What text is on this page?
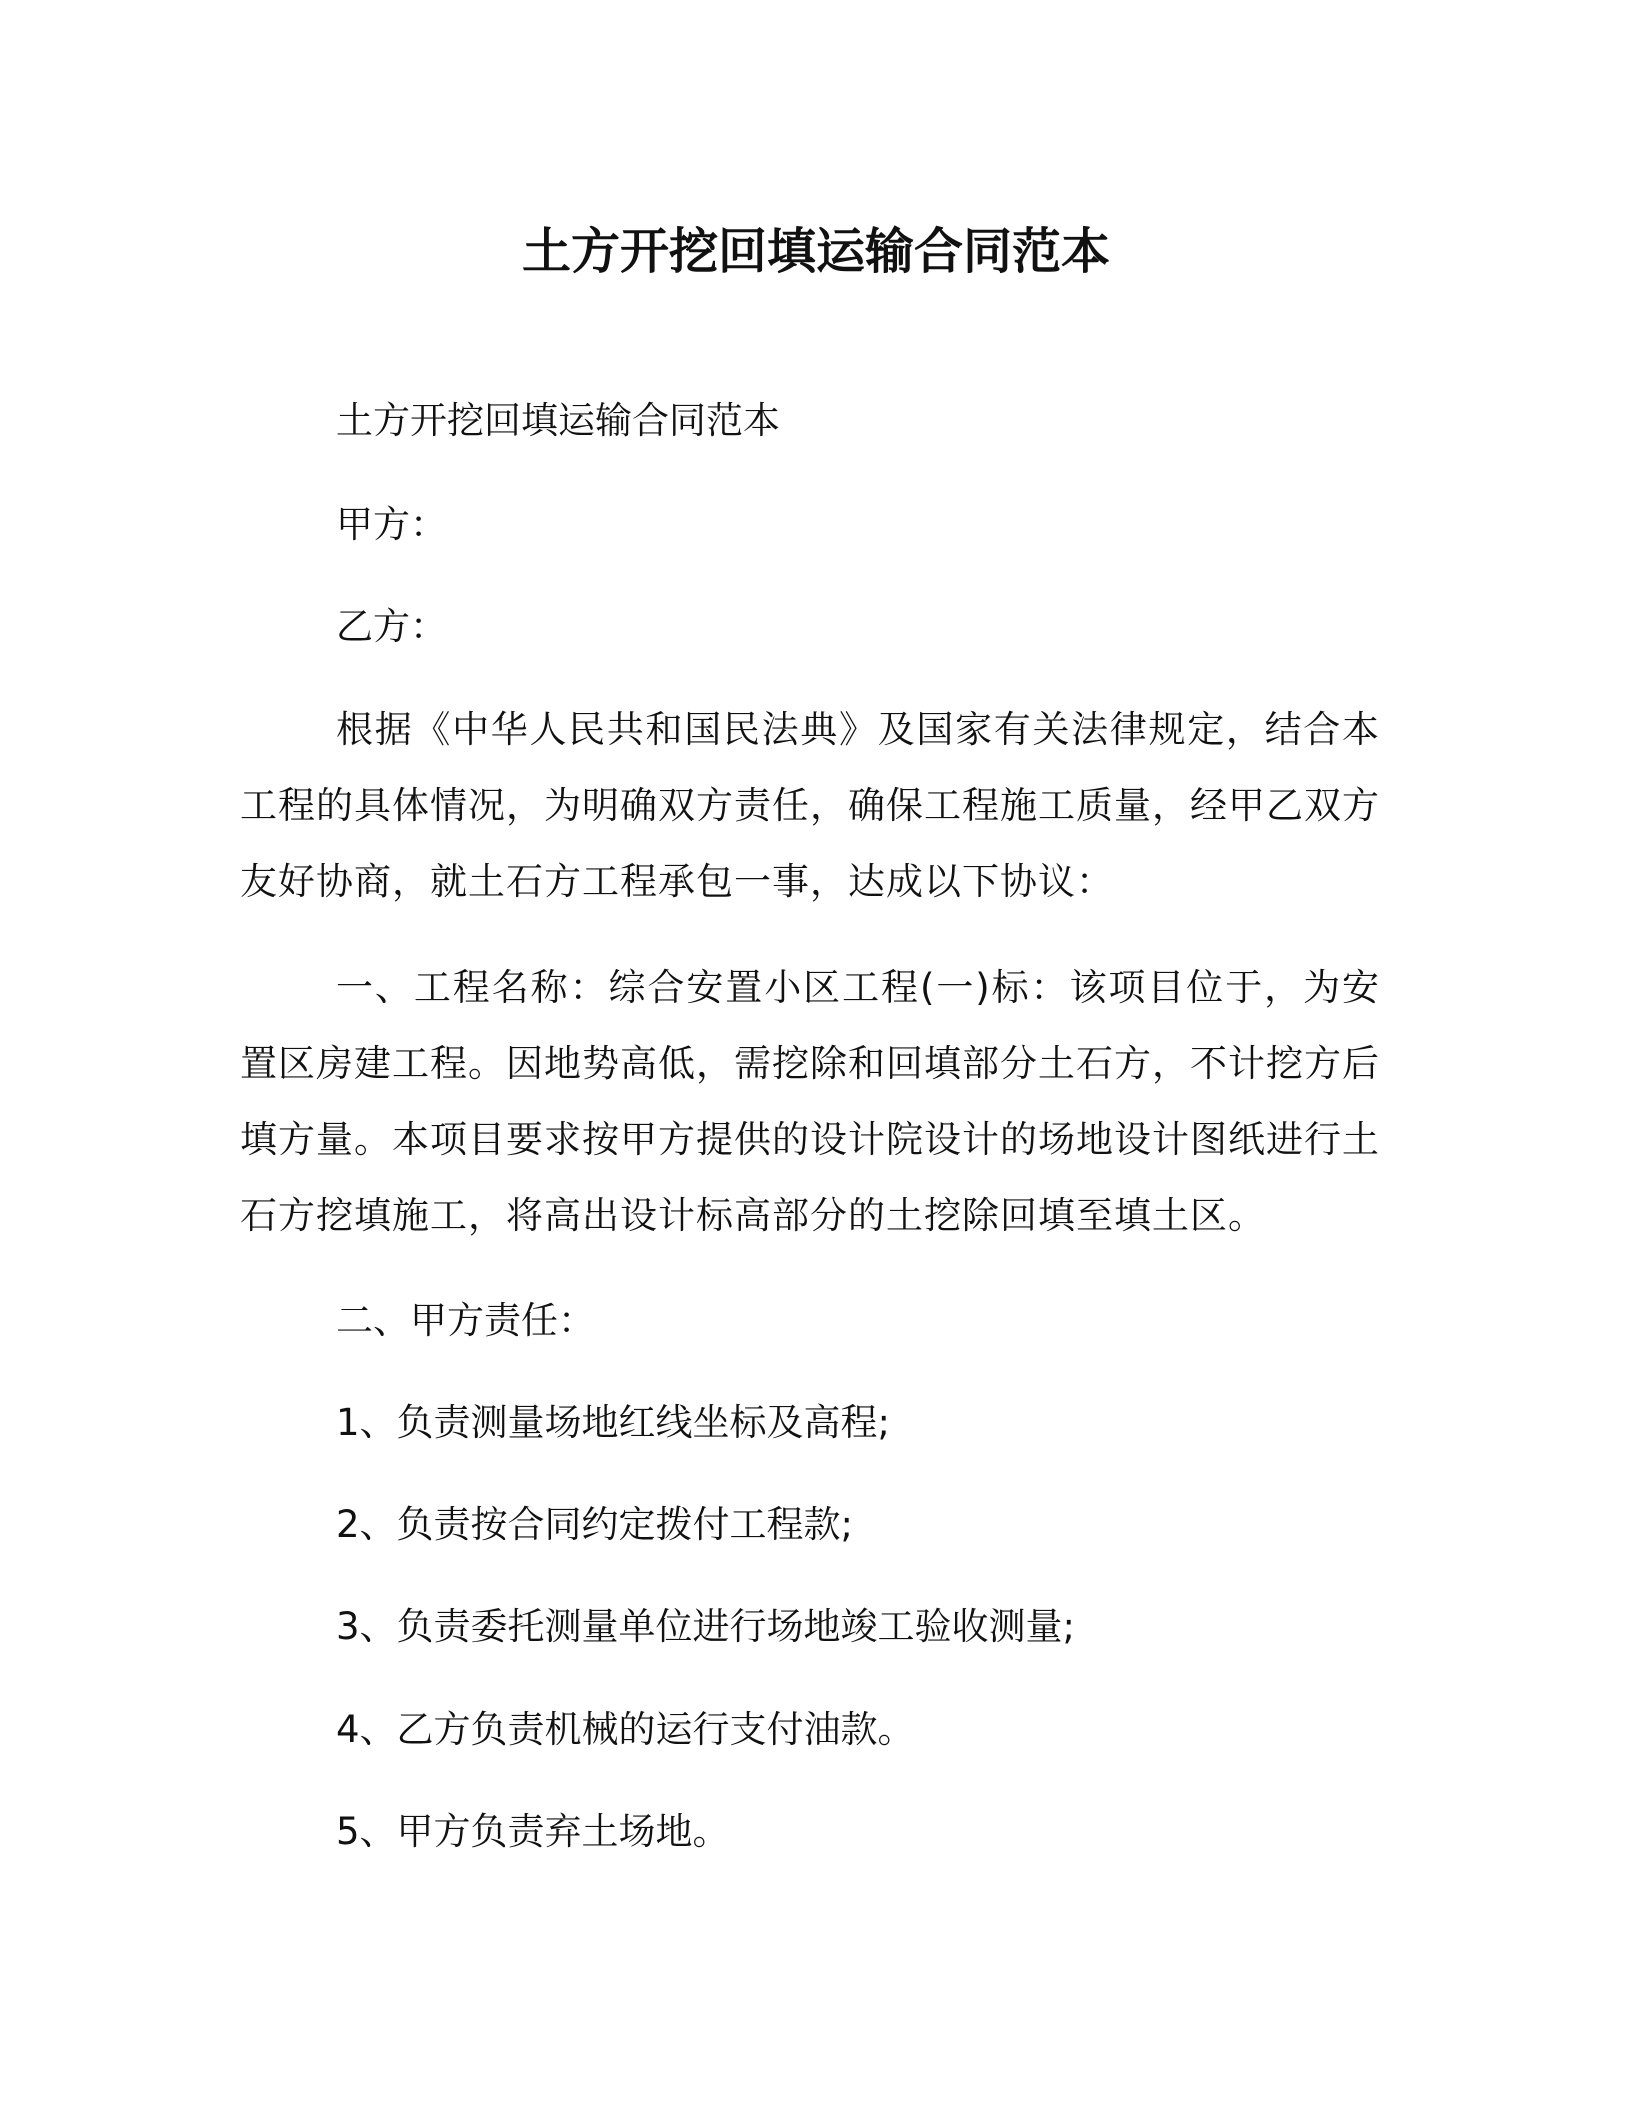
土方开挖回填运输合同范本

土方开挖回填运输合同范本

甲方：

乙方：

根据《中华人民共和国民法典》及国家有关法律规定，结合本工程的具体情况，为明确双方责任，确保工程施工质量，经甲乙双方友好协商，就土石方工程承包一事，达成以下协议：

一、工程名称：综合安置小区工程(一)标：该项目位于，为安置区房建工程。因地势高低，需挖除和回填部分土石方，不计挖方后填方量。本项目要求按甲方提供的设计院设计的场地设计图纸进行土石方挖填施工，将高出设计标高部分的土挖除回填至填土区。

二、甲方责任：

1、负责测量场地红线坐标及高程;

2、负责按合同约定拨付工程款;

3、负责委托测量单位进行场地竣工验收测量;

4、乙方负责机械的运行支付油款。

5、甲方负责弃土场地。
